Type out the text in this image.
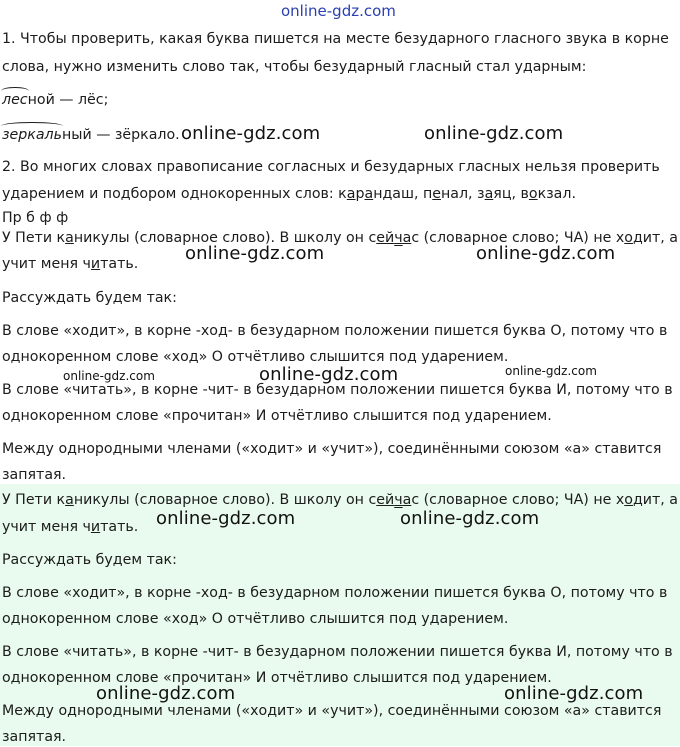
online-gdz.com
1. Чтобы проверить, какая буква пишется на месте безударного гласного звука в корне
слова, нужно изменить слово так, чтобы безударный гласный стал ударным:
лесной — лёс;
зеркальный — зёркало.
2. Во многих словах правописание согласных и безударных гласных нельзя проверить
ударением и подбором однокоренных слов: карандаш, пенал, заяц, вокзал.
Пр б ф ф
У Пети каникулы (словарное слово). В школу он сейчас (словарное слово; ЧА) не ходит, а
учит меня читать.
Рассуждать будем так:
В слове «ходит», в корне -ход- в безударном положении пишется буква О, потому что в
однокоренном слове «ход» О отчётливо слышится под ударением.
В слове «читать», в корне -чит- в безударном положении пишется буква И, потому что в
однокоренном слове «прочитан» И отчётливо слышится под ударением.
Между однородными членами («ходит» и «учит»), соединёнными союзом «а» ставится
запятая.
У Пети каникулы (словарное слово). В школу он сейчас (словарное слово; ЧА) не ходит, а
учит меня читать.
Рассуждать будем так:
В слове «ходит», в корне -ход- в безударном положении пишется буква О, потому что в
однокоренном слове «ход» О отчётливо слышится под ударением.
В слове «читать», в корне -чит- в безударном положении пишется буква И, потому что в
однокоренном слове «прочитан» И отчётливо слышится под ударением.
Между однородными членами («ходит» и «учит»), соединёнными союзом «а» ставится
запятая.
online-gdz.com	online-gdz.com
online-gdz.com	online-gdz.com
online-gdz.com	online-gdz.com	online-gdz.com
online-gdz.com	online-gdz.com
online-gdz.com	online-gdz.com
